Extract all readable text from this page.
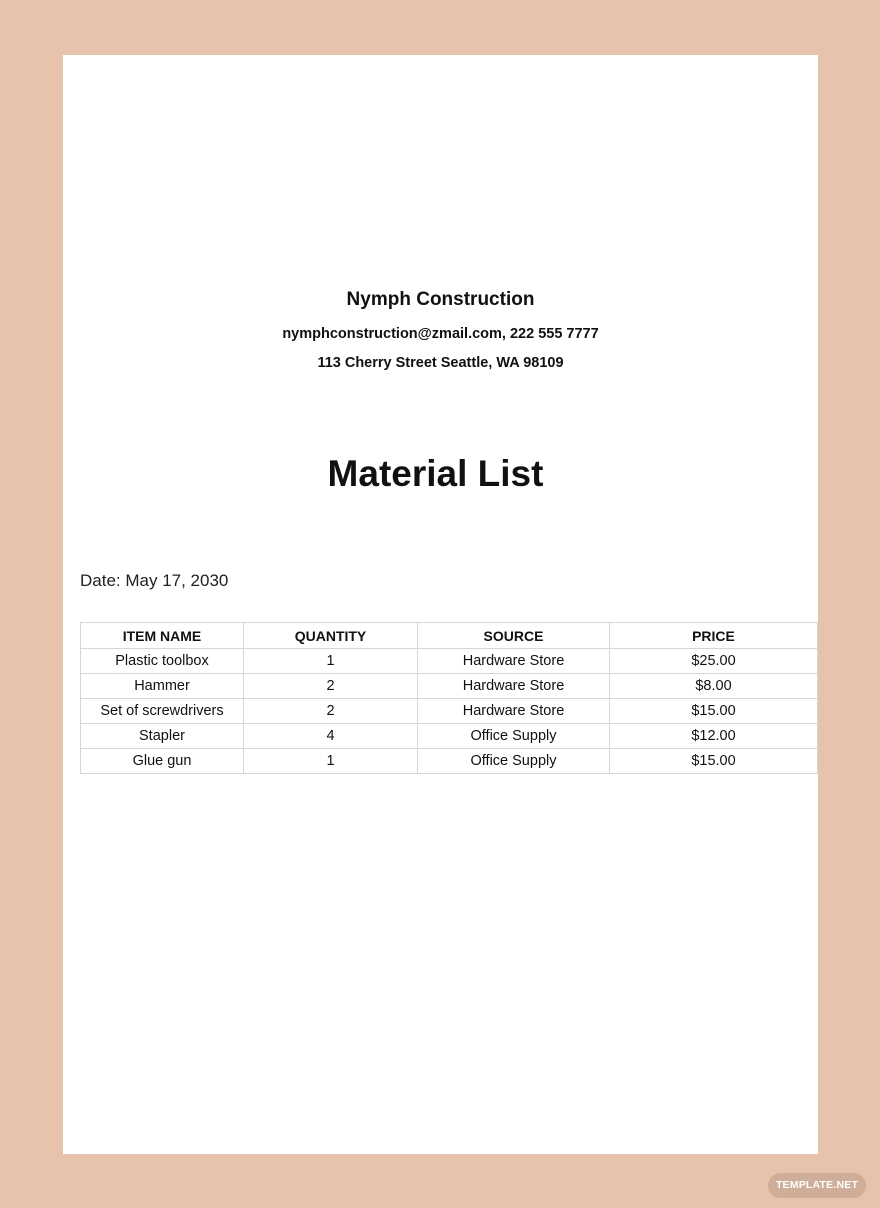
Nymph Construction
nymphconstruction@zmail.com, 222 555 7777
113 Cherry Street Seattle, WA 98109
Material List
Date: May 17, 2030
ITEM NAME	QUANTITY	SOURCE	PRICE
Plastic toolbox	1	Hardware Store	$25.00
Hammer	2	Hardware Store	$8.00
Set of screwdrivers	2	Hardware Store	$15.00
Stapler	4	Office Supply	$12.00
Glue gun	1	Office Supply	$15.00
TEMPLATE.NET
